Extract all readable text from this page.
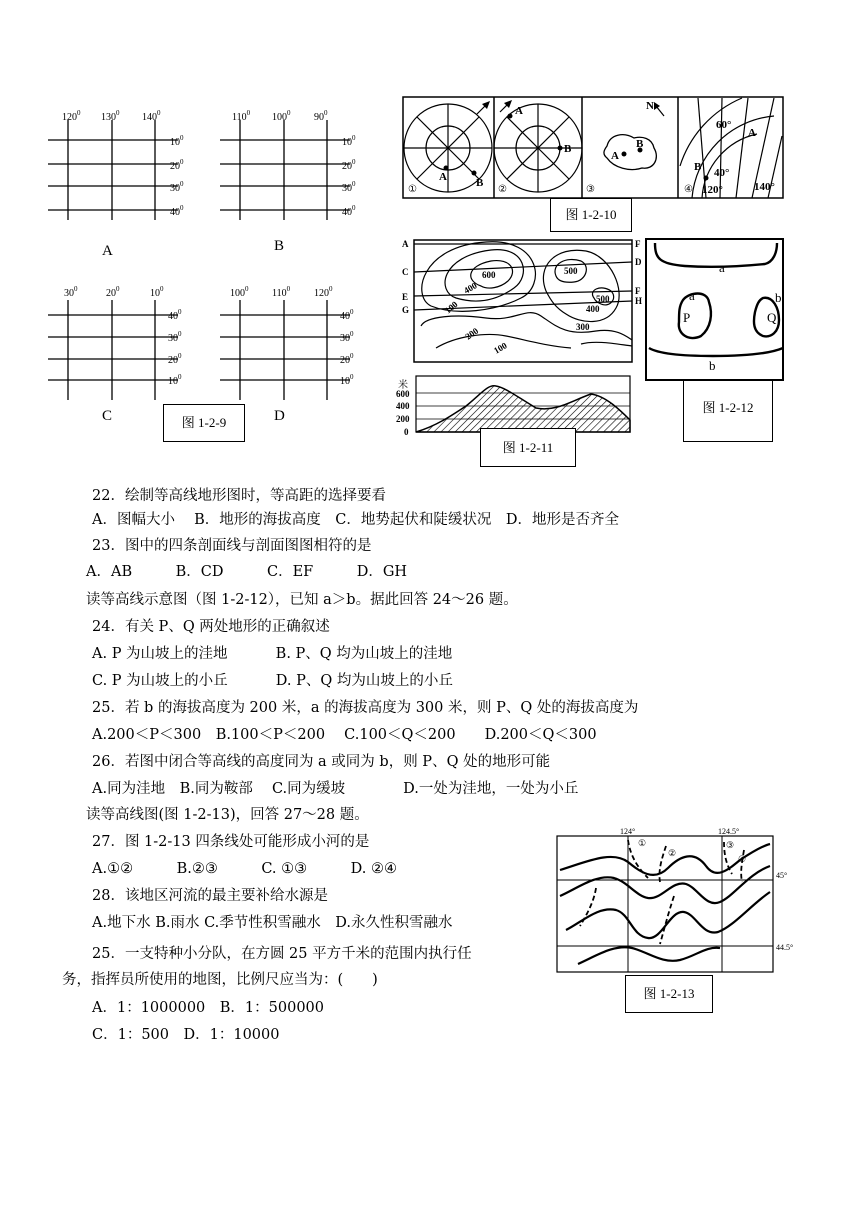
$120^0$ $130^0$ $140^0$
$10^0$
$20^0$
$30^0$
$40^0$
A
$110^0$ $100^0$ $90^0$
$10^0$
$20^0$
$30^0$
$40^0$
B
$30^0$	$20^0$	$10^0$
$40^0$
$30^0$
$20^0$
$10^0$
C
$100^0$ $110^0$ $120^0$
$40^0$
$30^0$
$20^0$
$10^0$
D
图 1-2-9
A	B
①
A
B
②
A
B
N
③
60°
A
B 40°
120°	140°
④
图 1-2-10
A
C
E
G
F
D
F
H
600	500
500
400
400
300
100
200
100
米
600
400
200
0
图 1-2-11
a
a	b
P	Q
b
图 1-2-12
124°	124.5°
45°
44.5°
①
②
③
④
图 1-2-13
22．绘制等高线地形图时，等高距的选择要看
A．图幅大小　 B．地形的海拔高度　C．地势起伏和陡缓状况　D．地形是否齐全
23．图中的四条剖面线与剖面图图相符的是
A．AB　　　B．CD　　　C．EF　　　D．GH
读等高线示意图（图 1-2-12），已知 a＞b。据此回答 24～26 题。
24．有关 P、Q 两处地形的正确叙述
A. P 为山坡上的洼地　　　 B. P、Q 均为山坡上的洼地
C. P 为山坡上的小丘　　　 D. P、Q 均为山坡上的小丘
25．若 b 的海拔高度为 200 米，a 的海拔高度为 300 米，则 P、Q 处的海拔高度为
A.200＜P＜300　B.100＜P＜200　 C.100＜Q＜200　　D.200＜Q＜300
26．若图中闭合等高线的高度同为 a 或同为 b，则 P、Q 处的地形可能
A.同为洼地　B.同为鞍部　 C.同为缓坡　　　　D.一处为洼地，一处为小丘
读等高线图(图 1-2-13)，回答 27～28 题。
27．图 1-2-13 四条线处可能形成小河的是
A.①②　　　B.②③　　　C. ①③　　　D. ②④
28．该地区河流的最主要补给水源是
A.地下水 B.雨水 C.季节性积雪融水　D.永久性积雪融水
25．一支特种小分队，在方圆 25 平方千米的范围内执行任
务，指挥员所使用的地图，比例尺应当为：(　　)
A．1：1000000　B．1：500000
C．1：500　D．1：10000
